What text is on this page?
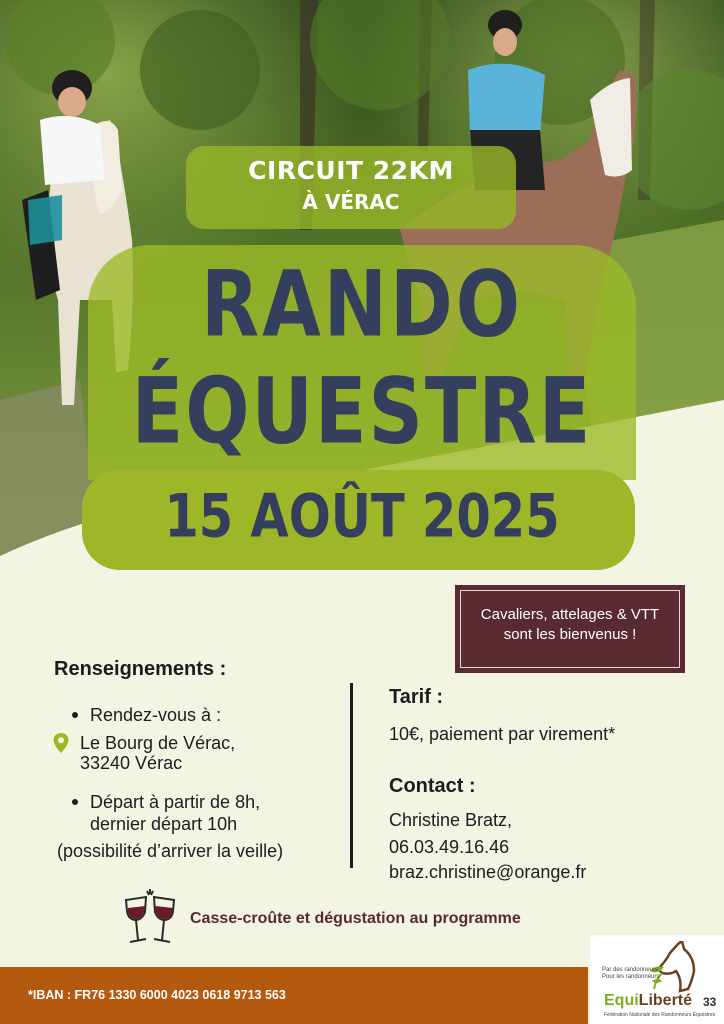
CIRCUIT 22KM
À VÉRAC
RANDO
ÉQUESTRE
15 AOÛT 2025
Cavaliers, attelages & VTT
sont les bienvenus !
Renseignements :
Rendez-vous à :
Le Bourg de Vérac,
33240 Vérac
Départ à partir de 8h,
dernier départ 10h
(possibilité d’arriver la veille)
Tarif :
10€, paiement par virement*
Contact :
Christine Bratz,
06.03.49.16.46
braz.christine@orange.fr
Casse-croûte et dégustation au programme
*IBAN : FR76 1330 6000 4023 0618 9713 563
Par des randonneurs
Pour les randonneurs
EquiLiberté 33
Fédération Nationale des Randonneurs Équestres
